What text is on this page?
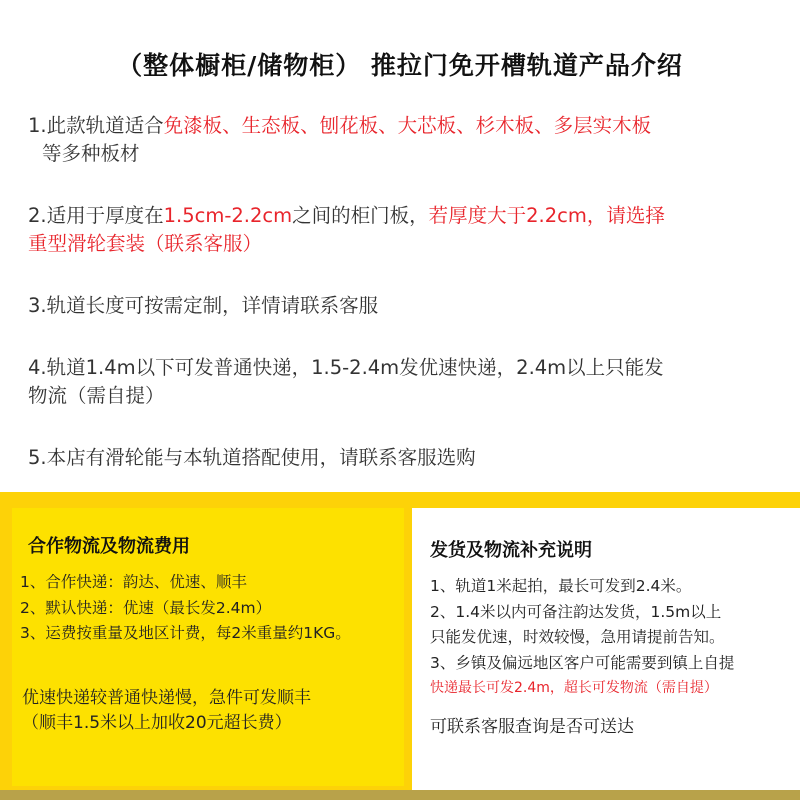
（整体橱柜/储物柜） 推拉门免开槽轨道产品介绍
1.此款轨道适合免漆板、生态板、刨花板、大芯板、杉木板、多层实木板
等多种板材
2.适用于厚度在1.5cm-2.2cm之间的柜门板，若厚度大于2.2cm，请选择
重型滑轮套装（联系客服）
3.轨道长度可按需定制，详情请联系客服
4.轨道1.4m以下可发普通快递，1.5-2.4m发优速快递，2.4m以上只能发
物流（需自提）
5.本店有滑轮能与本轨道搭配使用，请联系客服选购
合作物流及物流费用
1、合作快递：韵达、优速、顺丰
2、默认快递：优速（最长发2.4m）
3、运费按重量及地区计费，每2米重量约1KG。
优速快递较普通快递慢，急件可发顺丰
（顺丰1.5米以上加收20元超长费）
发货及物流补充说明
1、轨道1米起拍，最长可发到2.4米。
2、1.4米以内可备注韵达发货，1.5m以上
只能发优速，时效较慢，急用请提前告知。
3、乡镇及偏远地区客户可能需要到镇上自提
快递最长可发2.4m，超长可发物流（需自提）
可联系客服查询是否可送达
